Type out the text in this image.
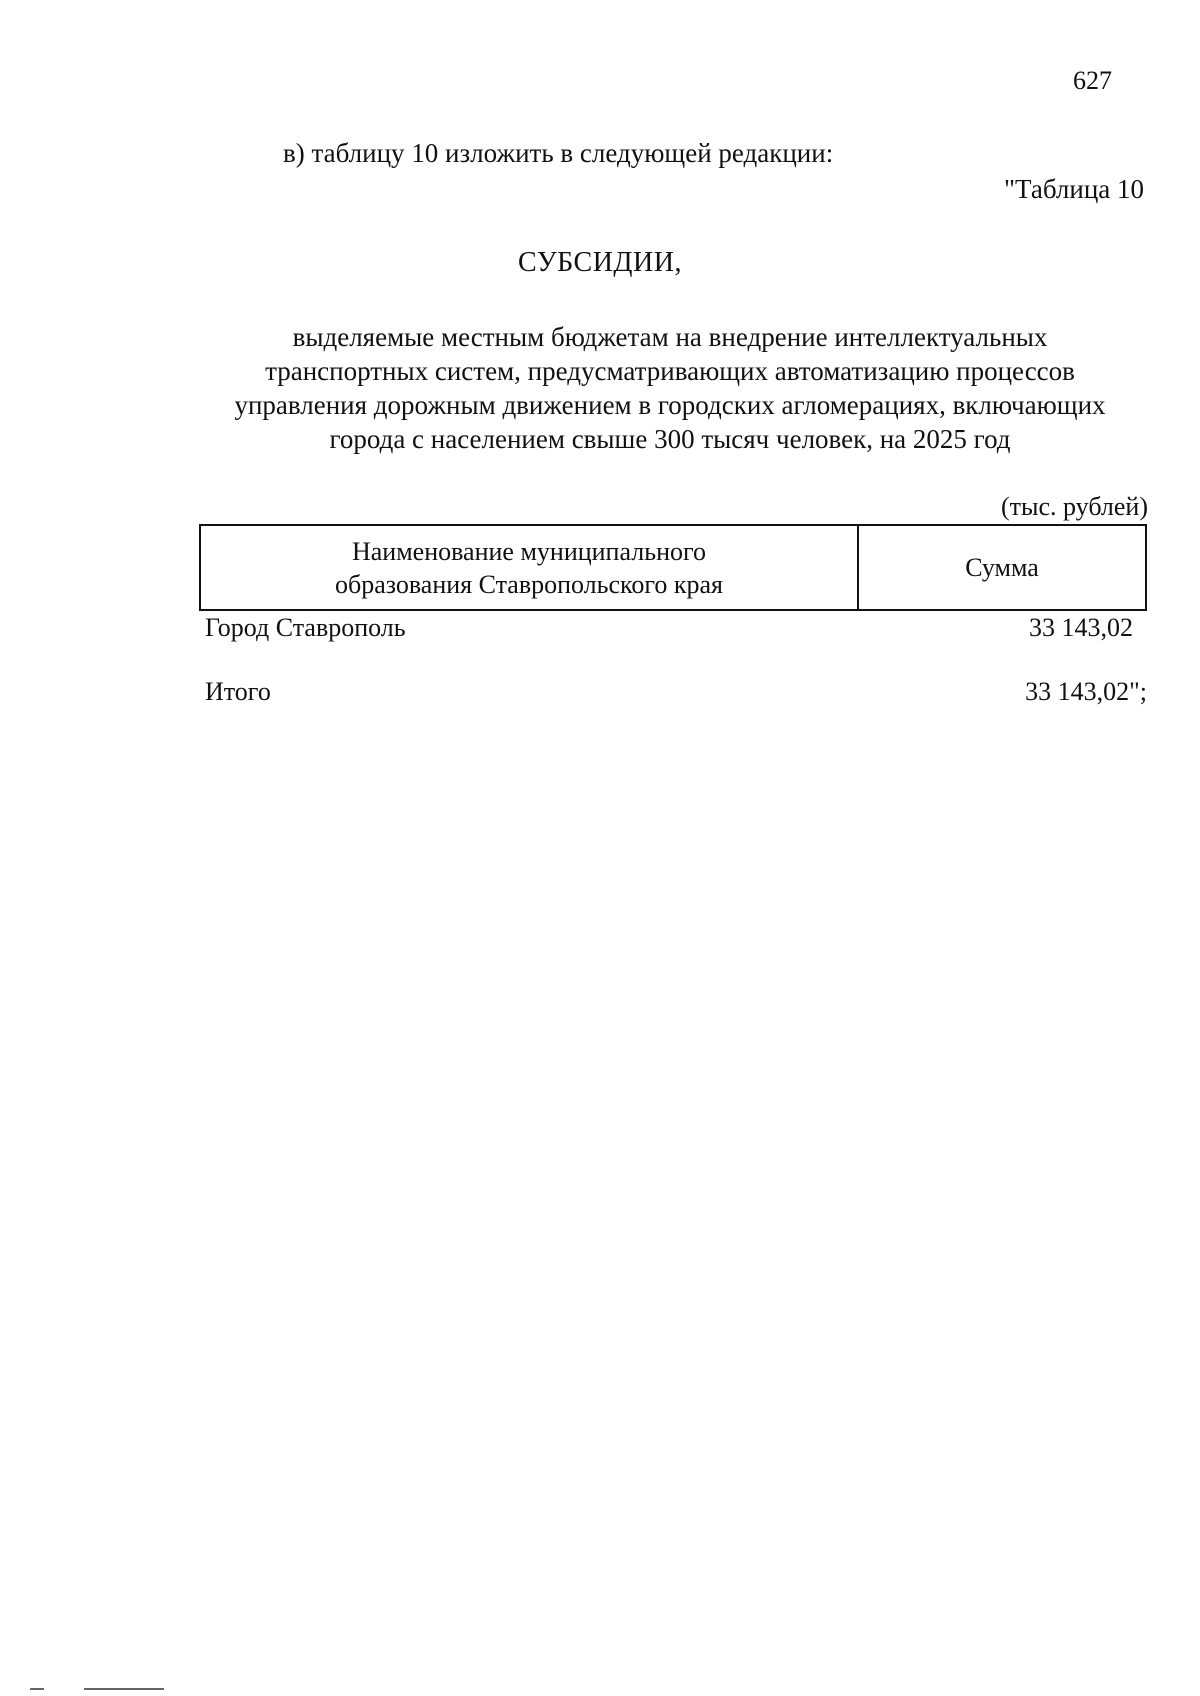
627
в) таблицу 10 изложить в следующей редакции:
"Таблица 10
СУБСИДИИ,
выделяемые местным бюджетам на внедрение интеллектуальных
транспортных систем, предусматривающих автоматизацию процессов
управления дорожным движением в городских агломерациях, включающих
города с населением свыше 300 тысяч человек, на 2025 год
(тыс. рублей)
Наименование муниципального
образования Ставропольского края
Сумма
Город Ставрополь	33 143,02
Итого	33 143,02";
